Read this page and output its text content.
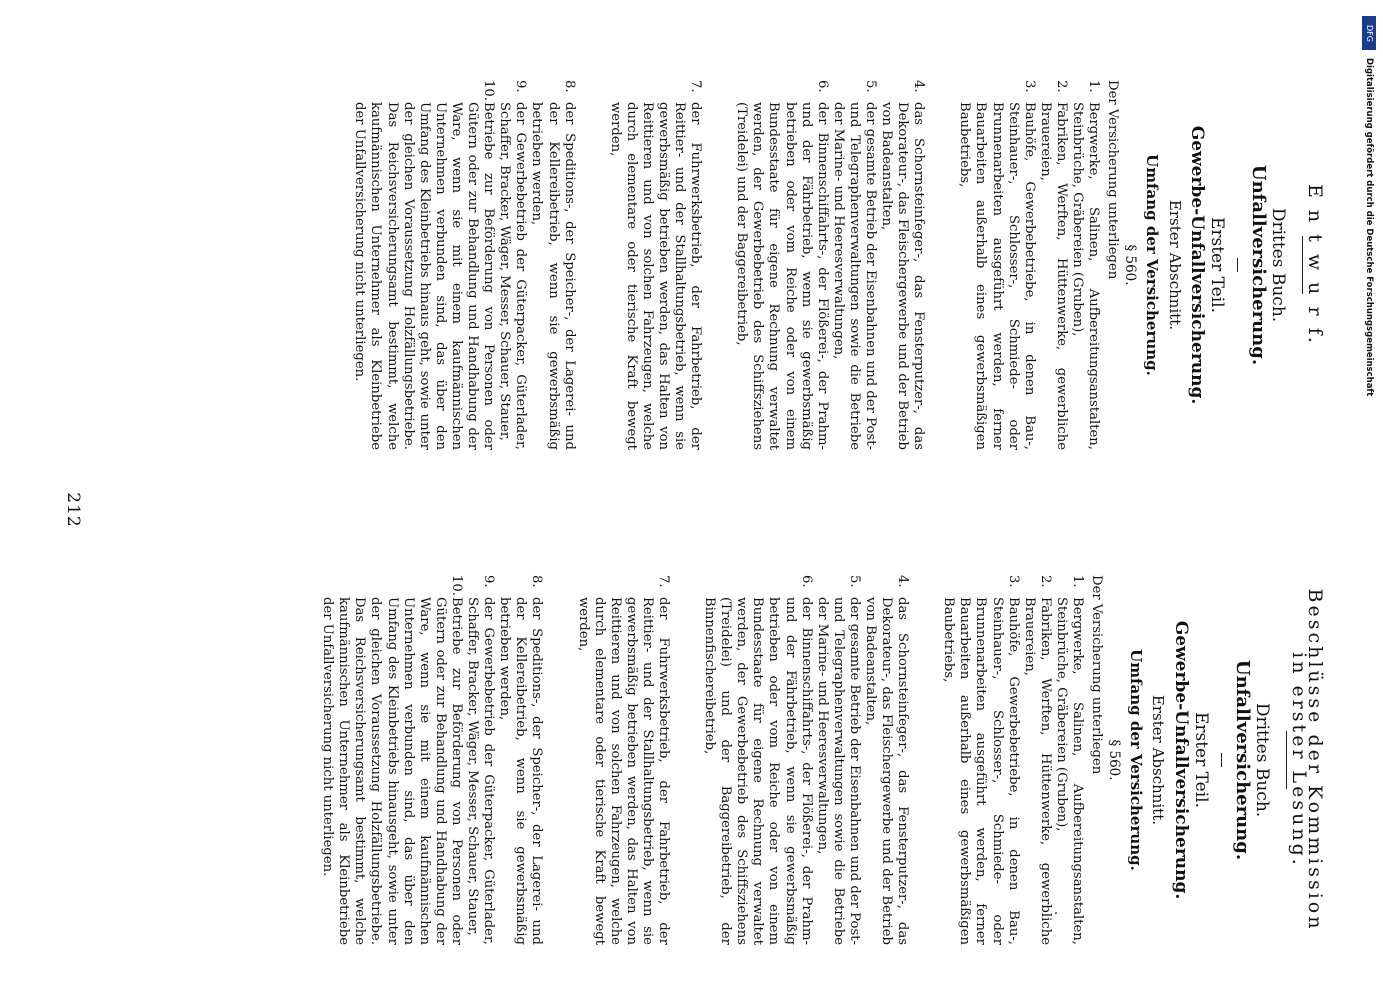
212
E n t w u r f.
Drittes Buch.
Unfallversicherung.
Erster Teil.
Gewerbe-Unfallversicherung.
Erster Abschnitt.
Umfang der Versicherung.
§ 560.
Der Versicherung unterliegen
1.
Bergwerke, Salinen, Aufbereitungsanstalten, Steinbrüche, Gräbereien (Gruben),
2.
Fabriken, Werften, Hüttenwerke, gewerbliche Brauereien,
3.
Bauhöfe, Gewerbebetriebe, in denen Bau-, Steinhauer-, Schlosser-, Schmiede- oder Brunnenarbeiten ausgeführt werden, ferner Bauarbeiten außerhalb eines gewerbsmäßigen Baubetriebs,
4.
das Schornsteinfeger-, das Fensterputzer-, das Dekorateur-, das Fleischergewerbe und der Betrieb von Badeanstalten,
5.
der gesamte Betrieb der Eisenbahnen und der Post- und Telegraphenverwaltungen sowie die Betriebe der Marine- und Heeresverwaltungen,
6.
der Binnenschiffahrts-, der Flößerei-, der Prahm- und der Fährbetrieb, wenn sie gewerbsmäßig betrieben oder vom Reiche oder von einem Bundesstaate für eigene Rechnung verwaltet werden, der Gewerbebetrieb des Schiffsziehens (Treidelei) und der Baggereibetrieb,
7.
der Fuhrwerksbetrieb, der Fahrbetrieb, der Reittier- und der Stallhaltungsbetrieb, wenn sie gewerbsmäßig betrieben werden, das Halten von Reittieren und von solchen Fahrzeugen, welche durch elementare oder tierische Kraft bewegt werden,
8.
der Speditions-, der Speicher-, der Lagerei- und der Kellereibetrieb, wenn sie gewerbsmäßig betrieben werden,
9.
der Gewerbebetrieb der Güterpacker, Güterlader, Schaffer, Bracker, Wäger, Messer, Schauer, Stauer,
10.
Betriebe zur Beförderung von Personen oder Gütern oder zur Behandlung und Handhabung der Ware, wenn sie mit einem kaufmännischen Unternehmen verbunden sind, das über den Umfang des Kleinbetriebs hinaus geht, sowie unter der gleichen Voraussetzung Holzfällungsbetriebe. Das Reichsversicherungsamt bestimmt, welche kaufmännischen Unternehmer als Kleinbetriebe der Unfallversicherung nicht unterliegen.
Beschlüsse der Kommission in erster Lesung.
Drittes Buch.
Unfallversicherung.
Erster Teil.
Gewerbe-Unfallversicherung.
Erster Abschnitt.
Umfang der Versicherung.
§ 560.
Der Versicherung unterliegen
1.
Bergwerke, Salinen, Aufbereitungsanstalten, Steinbrüche, Gräbereien (Gruben),
2.
Fabriken, Werften, Hüttenwerke, gewerbliche Brauereien,
3.
Bauhöfe, Gewerbebetriebe, in denen Bau-, Steinhauer-, Schlosser-, Schmiede- oder Brunnenarbeiten ausgeführt werden, ferner Bauarbeiten außerhalb eines gewerbsmäßigen Baubetriebs,
4.
das Schornsteinfeger-, das Fensterputzer-, das Dekorateur-, das Fleischergewerbe und der Betrieb von Badeanstalten,
5.
der gesamte Betrieb der Eisenbahnen und der Post- und Telegraphenverwaltungen sowie die Betriebe der Marine- und Heeresverwaltungen,
6.
der Binnenschiffahrts-, der Flößerei-, der Prahm- und der Fährbetrieb, wenn sie gewerbsmäßig betrieben oder vom Reiche oder von einem Bundesstaate für eigene Rechnung verwaltet werden, der Gewerbebetrieb des Schiffsziehens (Treidelei) und der Baggereibetrieb, der Binnenfischereibetrieb,
7.
der Fuhrwerksbetrieb, der Fahrbetrieb, der Reittier- und der Stallhaltungsbetrieb, wenn sie gewerbsmäßig betrieben werden, das Halten von Reittieren und von solchen Fahrzeugen, welche durch elementare oder tierische Kraft bewegt werden,
8.
der Speditions-, der Speicher-, der Lagerei- und der Kellereibetrieb, wenn sie gewerbsmäßig betrieben werden,
9.
der Gewerbebetrieb der Güterpacker, Güterlader, Schaffer, Bracker, Wäger, Messer, Schauer, Stauer,
10.
Betriebe zur Beförderung von Personen oder Gütern oder zur Behandlung und Handhabung der Ware, wenn sie mit einem kaufmännischen Unternehmen verbunden sind, das über den Umfang des Kleinbetriebs hinausgeht, sowie unter der gleichen Voraussetzung Holzfällungsbetriebe. Das Reichsversicherungsamt bestimmt, welche kaufmännischen Unternehmer als Kleinbetriebe der Unfallversicherung nicht unterliegen.
DFG
Digitalisierung gefördert durch die Deutsche Forschungsgemeinschaft
